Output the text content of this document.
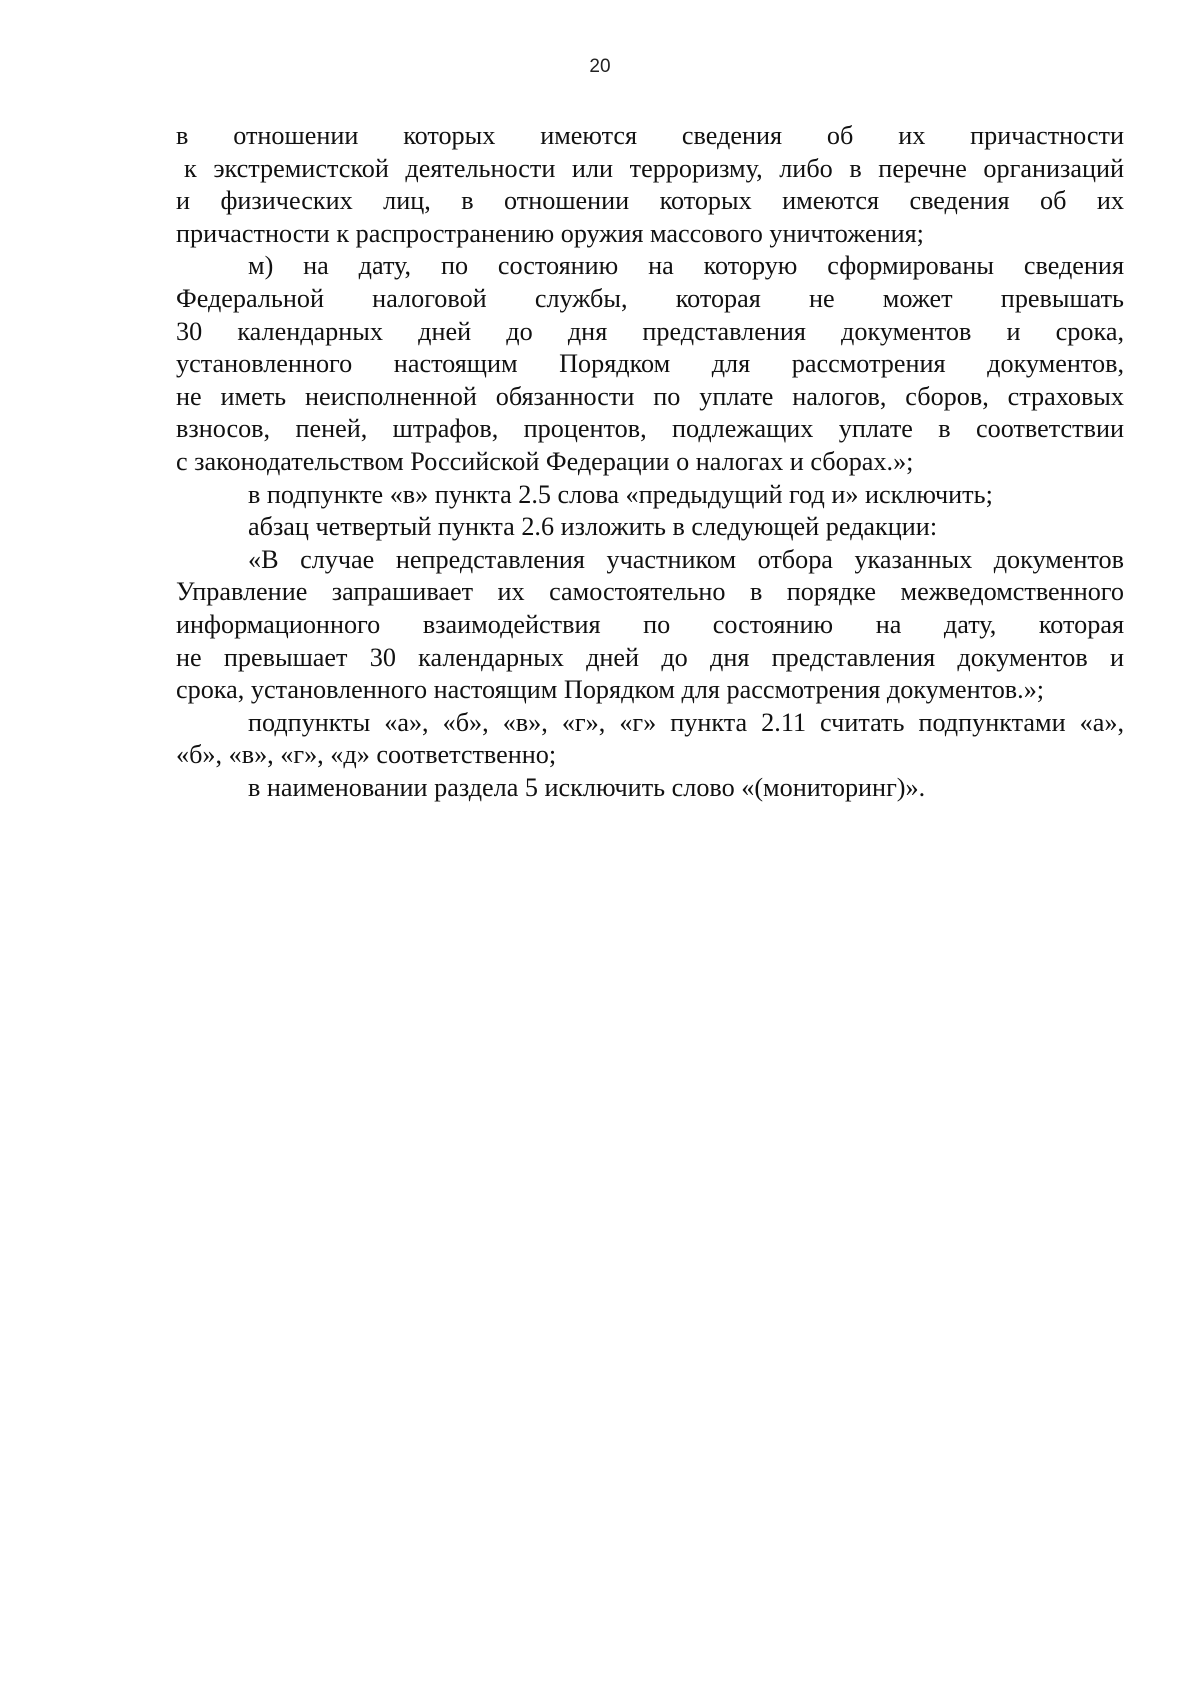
20
в отношении которых имеются сведения об их причастности
к экстремистской деятельности или терроризму, либо в перечне организаций
и физических лиц, в отношении которых имеются сведения об их
причастности к распространению оружия массового уничтожения;
м) на дату, по состоянию на которую сформированы сведения
Федеральной налоговой службы, которая не может превышать
30 календарных дней до дня представления документов и срока,
установленного настоящим Порядком для рассмотрения документов,
не иметь неисполненной обязанности по уплате налогов, сборов, страховых
взносов, пеней, штрафов, процентов, подлежащих уплате в соответствии
с законодательством Российской Федерации о налогах и сборах.»;
в подпункте «в» пункта 2.5 слова «предыдущий год и» исключить;
абзац четвертый пункта 2.6 изложить в следующей редакции:
«В случае непредставления участником отбора указанных документов
Управление запрашивает их самостоятельно в порядке межведомственного
информационного взаимодействия по состоянию на дату, которая
не превышает 30 календарных дней до дня представления документов и
срока, установленного настоящим Порядком для рассмотрения документов.»;
подпункты «а», «б», «в», «г», «г» пункта 2.11 считать подпунктами «а»,
«б», «в», «г», «д» соответственно;
в наименовании раздела 5 исключить слово «(мониторинг)».
